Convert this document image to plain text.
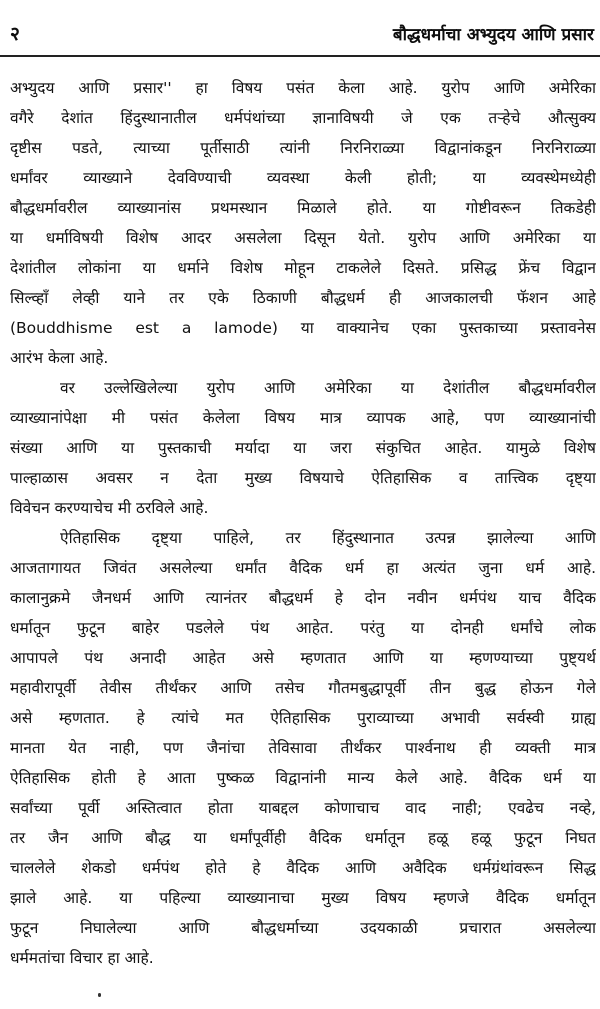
२	बौद्धधर्माचा अभ्युदय आणि प्रसार
अभ्युदय आणि प्रसार'' हा विषय पसंत केला आहे. युरोप आणि अमेरिका
वगैरे देशांत हिंदुस्थानातील धर्मपंथांच्या ज्ञानाविषयी जे एक तऱ्हेचे औत्सुक्य
दृष्टीस पडते, त्याच्या पूर्तीसाठी त्यांनी निरनिराळ्या विद्वानांकडून निरनिराळ्या
धर्मांवर व्याख्याने देवविण्याची व्यवस्था केली होती; या व्यवस्थेमध्येही
बौद्धधर्मावरील व्याख्यानांस प्रथमस्थान मिळाले होते. या गोष्टीवरून तिकडेही
या धर्माविषयी विशेष आदर असलेला दिसून येतो. युरोप आणि अमेरिका या
देशांतील लोकांना या धर्माने विशेष मोहून टाकलेले दिसते. प्रसिद्ध फ्रेंच विद्वान
सिल्व्हाँ लेव्ही याने तर एके ठिकाणी बौद्धधर्म ही आजकालची फॅशन आहे
(Bouddhisme est a lamode) या वाक्यानेच एका पुस्तकाच्या प्रस्तावनेस
आरंभ केला आहे.
वर उल्लेखिलेल्या युरोप आणि अमेरिका या देशांतील बौद्धधर्मावरील
व्याख्यानांपेक्षा मी पसंत केलेला विषय मात्र व्यापक आहे, पण व्याख्यानांची
संख्या आणि या पुस्तकाची मर्यादा या जरा संकुचित आहेत. यामुळे विशेष
पाल्हाळास अवसर न देता मुख्य विषयाचे ऐतिहासिक व तात्त्विक दृष्ट्या
विवेचन करण्याचेच मी ठरविले आहे.
ऐतिहासिक दृष्ट्या पाहिले, तर हिंदुस्थानात उत्पन्न झालेल्या आणि
आजतागायत जिवंत असलेल्या धर्मांत वैदिक धर्म हा अत्यंत जुना धर्म आहे.
कालानुक्रमे जैनधर्म आणि त्यानंतर बौद्धधर्म हे दोन नवीन धर्मपंथ याच वैदिक
धर्मातून फुटून बाहेर पडलेले पंथ आहेत. परंतु या दोनही धर्मांचे लोक
आपापले पंथ अनादी आहेत असे म्हणतात आणि या म्हणण्याच्या पुष्ट्यर्थ
महावीरापूर्वी तेवीस तीर्थंकर आणि तसेच गौतमबुद्धापूर्वी तीन बुद्ध होऊन गेले
असे म्हणतात. हे त्यांचे मत ऐतिहासिक पुराव्याच्या अभावी सर्वस्वी ग्राह्य
मानता येत नाही, पण जैनांचा तेविसावा तीर्थंकर पार्श्वनाथ ही व्यक्ती मात्र
ऐतिहासिक होती हे आता पुष्कळ विद्वानांनी मान्य केले आहे. वैदिक धर्म या
सर्वांच्या पूर्वी अस्तित्वात होता याबद्दल कोणाचाच वाद नाही; एवढेच नव्हे,
तर जैन आणि बौद्ध या धर्मांपूर्वीही वैदिक धर्मातून हळू हळू फुटून निघत
चाललेले शेकडो धर्मपंथ होते हे वैदिक आणि अवैदिक धर्मग्रंथांवरून सिद्ध
झाले आहे. या पहिल्या व्याख्यानाचा मुख्य विषय म्हणजे वैदिक धर्मातून
फुटून निघालेल्या आणि बौद्धधर्माच्या उदयकाळी प्रचारात असलेल्या
धर्ममतांचा विचार हा आहे.
